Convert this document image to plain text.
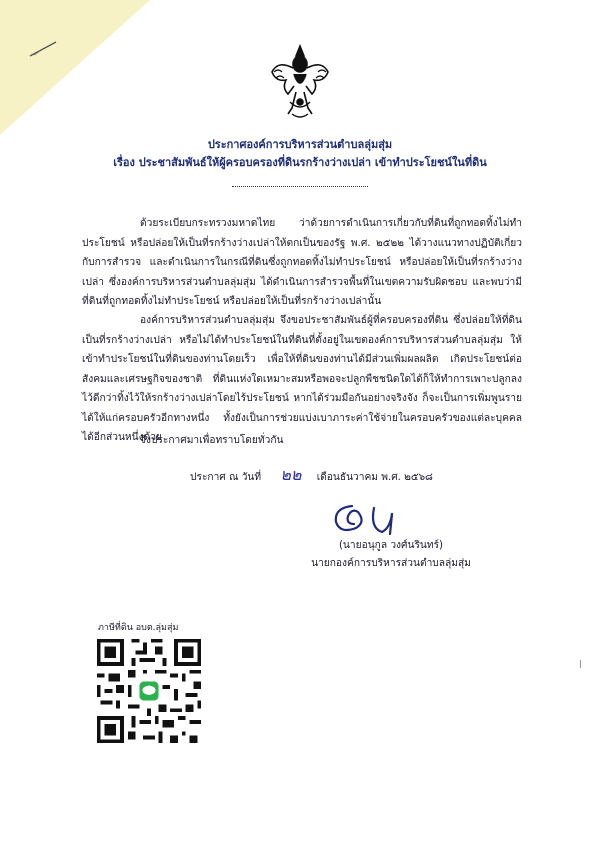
ประกาศองค์การบริหารส่วนตำบลลุ่มสุ่ม
เรื่อง ประชาสัมพันธ์ให้ผู้ครอบครองที่ดินรกร้างว่างเปล่า เข้าทำประโยชน์ในที่ดิน
ด้วยระเบียบกระทรวงมหาดไทย ว่าด้วยการดำเนินการเกี่ยวกับที่ดินที่ถูกทอดทิ้งไม่ทำประโยชน์ หรือปล่อยให้เป็นที่รกร้างว่างเปล่าให้ตกเป็นของรัฐ พ.ศ. ๒๕๒๒ ได้วางแนวทางปฏิบัติเกี่ยวกับการสำรวจ และดำเนินการในกรณีที่ดินซึ่งถูกทอดทิ้งไม่ทำประโยชน์ หรือปล่อยให้เป็นที่รกร้างว่างเปล่า ซึ่งองค์การบริหารส่วนตำบลลุ่มสุ่ม ได้ดำเนินการสำรวจพื้นที่ในเขตความรับผิดชอบ และพบว่ามีที่ดินที่ถูกทอดทิ้งไม่ทำประโยชน์ หรือปล่อยให้เป็นที่รกร้างว่างเปล่านั้น
องค์การบริหารส่วนตำบลลุ่มสุ่ม จึงขอประชาสัมพันธ์ผู้ที่ครอบครองที่ดิน ซึ่งปล่อยให้ที่ดินเป็นที่รกร้างว่างเปล่า หรือไม่ได้ทำประโยชน์ในที่ดินที่ตั้งอยู่ในเขตองค์การบริหารส่วนตำบลลุ่มสุ่ม ให้เข้าทำประโยชน์ในที่ดินของท่านโดยเร็ว เพื่อให้ที่ดินของท่านได้มีส่วนเพิ่มผลผลิต เกิดประโยชน์ต่อสังคมและเศรษฐกิจของชาติ ที่ดินแห่งใดเหมาะสมหรือพอจะปลูกพืชชนิดใดได้ก็ให้ทำการเพาะปลูกลงไว้ดีกว่าทิ้งไว้ให้รกร้างว่างเปล่าโดยไร้ประโยชน์ หากได้ร่วมมือกันอย่างจริงจัง ก็จะเป็นการเพิ่มพูนรายได้ให้แก่ครอบครัวอีกทางหนึ่ง ทั้งยังเป็นการช่วยแบ่งเบาภาระค่าใช้จ่ายในครอบครัวของแต่ละบุคคลได้อีกส่วนหนึ่งด้วย
จึงประกาศมาเพื่อทราบโดยทั่วกัน
ประกาศ ณ วันที่ ๒๒ เดือนธันวาคม พ.ศ. ๒๕๖๘
(นายอนุกูล วงศ์นรินทร์)
นายกองค์การบริหารส่วนตำบลลุ่มสุ่ม
ภาษีที่ดิน อบต.ลุ่มสุ่ม
